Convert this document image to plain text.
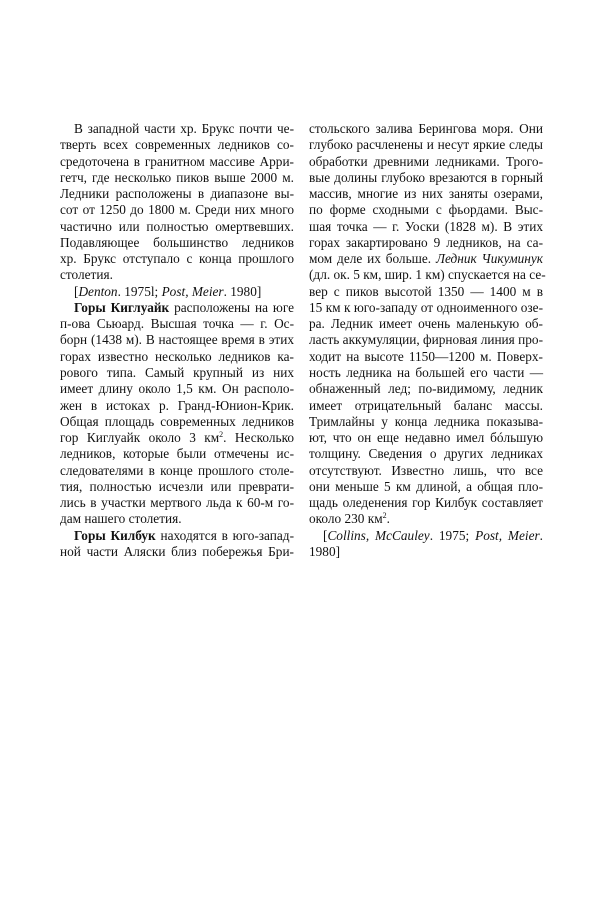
В западной части хр. Брукс почти че-
тверть всех современных ледников со-
средоточена в гранитном массиве Арри-
гетч, где несколько пиков выше 2000 м.
Ледники расположены в диапазоне вы-
сот от 1250 до 1800 м. Среди них много
частично или полностью омертвевших.
Подавляющее большинство ледников
хр. Брукс отступало с конца прошлого
столетия.
[Denton. 1975l; Post, Meier. 1980]
Горы Киглуайк расположены на юге
п-ова Сьюард. Высшая точка — г. Ос-
борн (1438 м). В настоящее время в этих
горах известно несколько ледников ка-
рового типа. Самый крупный из них
имеет длину около 1,5 км. Он располо-
жен в истоках р. Гранд-Юнион-Крик.
Общая площадь современных ледников
гор Киглуайк около 3 $км^2$. Несколько
ледников, которые были отмечены ис-
следователями в конце прошлого столе-
тия, полностью исчезли или преврати-
лись в участки мертвого льда к 60-м го-
дам нашего столетия.
Горы Килбук находятся в юго-запад-
ной части Аляски близ побережья Бри-
стольского залива Берингова моря. Они
глубоко расчленены и несут яркие следы
обработки древними ледниками. Трого-
вые долины глубоко врезаются в горный
массив, многие из них заняты озерами,
по форме сходными с фьордами. Выс-
шая точка — г. Уоски (1828 м). В этих
горах закартировано 9 ледников, на са-
мом деле их больше. Ледник Чикуминук
(дл. ок. 5 км, шир. 1 км) спускается на се-
вер с пиков высотой 1350 — 1400 м в
15 км к юго-западу от одноименного озе-
ра. Ледник имеет очень маленькую об-
ласть аккумуляции, фирновая линия про-
ходит на высоте 1150—1200 м. Поверх-
ность ледника на большей его части —
обнаженный лед; по-видимому, ледник
имеет отрицательный баланс массы.
Тримлайны у конца ледника показыва-
ют, что он еще недавно имел бóльшую
толщину. Сведения о других ледниках
отсутствуют. Известно лишь, что все
они меньше 5 км длиной, а общая пло-
щадь оледенения гор Килбук составляет
около 230 $км^2$.
[Collins, McCauley. 1975; Post, Meier.
1980]
